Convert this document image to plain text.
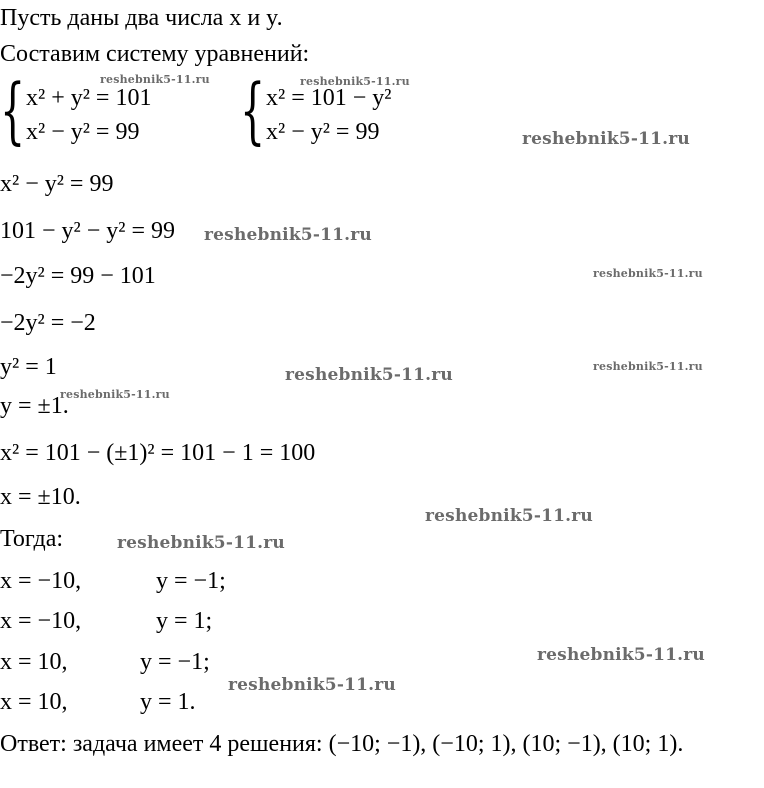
Пусть даны два числа x и y.
Составим систему уравнений:
{ x² + y² = 101
x² − y² = 99 { x² = 101 − y²
x² − y² = 99
x² − y² = 99
101 − y² − y² = 99
−2y² = 99 − 101
−2y² = −2
y² = 1
y = ±1.
x² = 101 − (±1)² = 101 − 1 = 100
x = ±10.
Тогда:
x = −10,	y = −1;
x = −10,	y = 1;
x = 10,	y = −1;
x = 10,	y = 1.
Ответ: задача имеет 4 решения: (−10; −1), (−10; 1), (10; −1), (10; 1).
reshebnik5-11.ru	reshebnik5-11.ru
reshebnik5-11.ru
reshebnik5-11.ru
reshebnik5-11.ru
reshebnik5-11.ru	reshebnik5-11.ru
reshebnik5-11.ru
reshebnik5-11.ru
reshebnik5-11.ru
reshebnik5-11.ru
reshebnik5-11.ru
